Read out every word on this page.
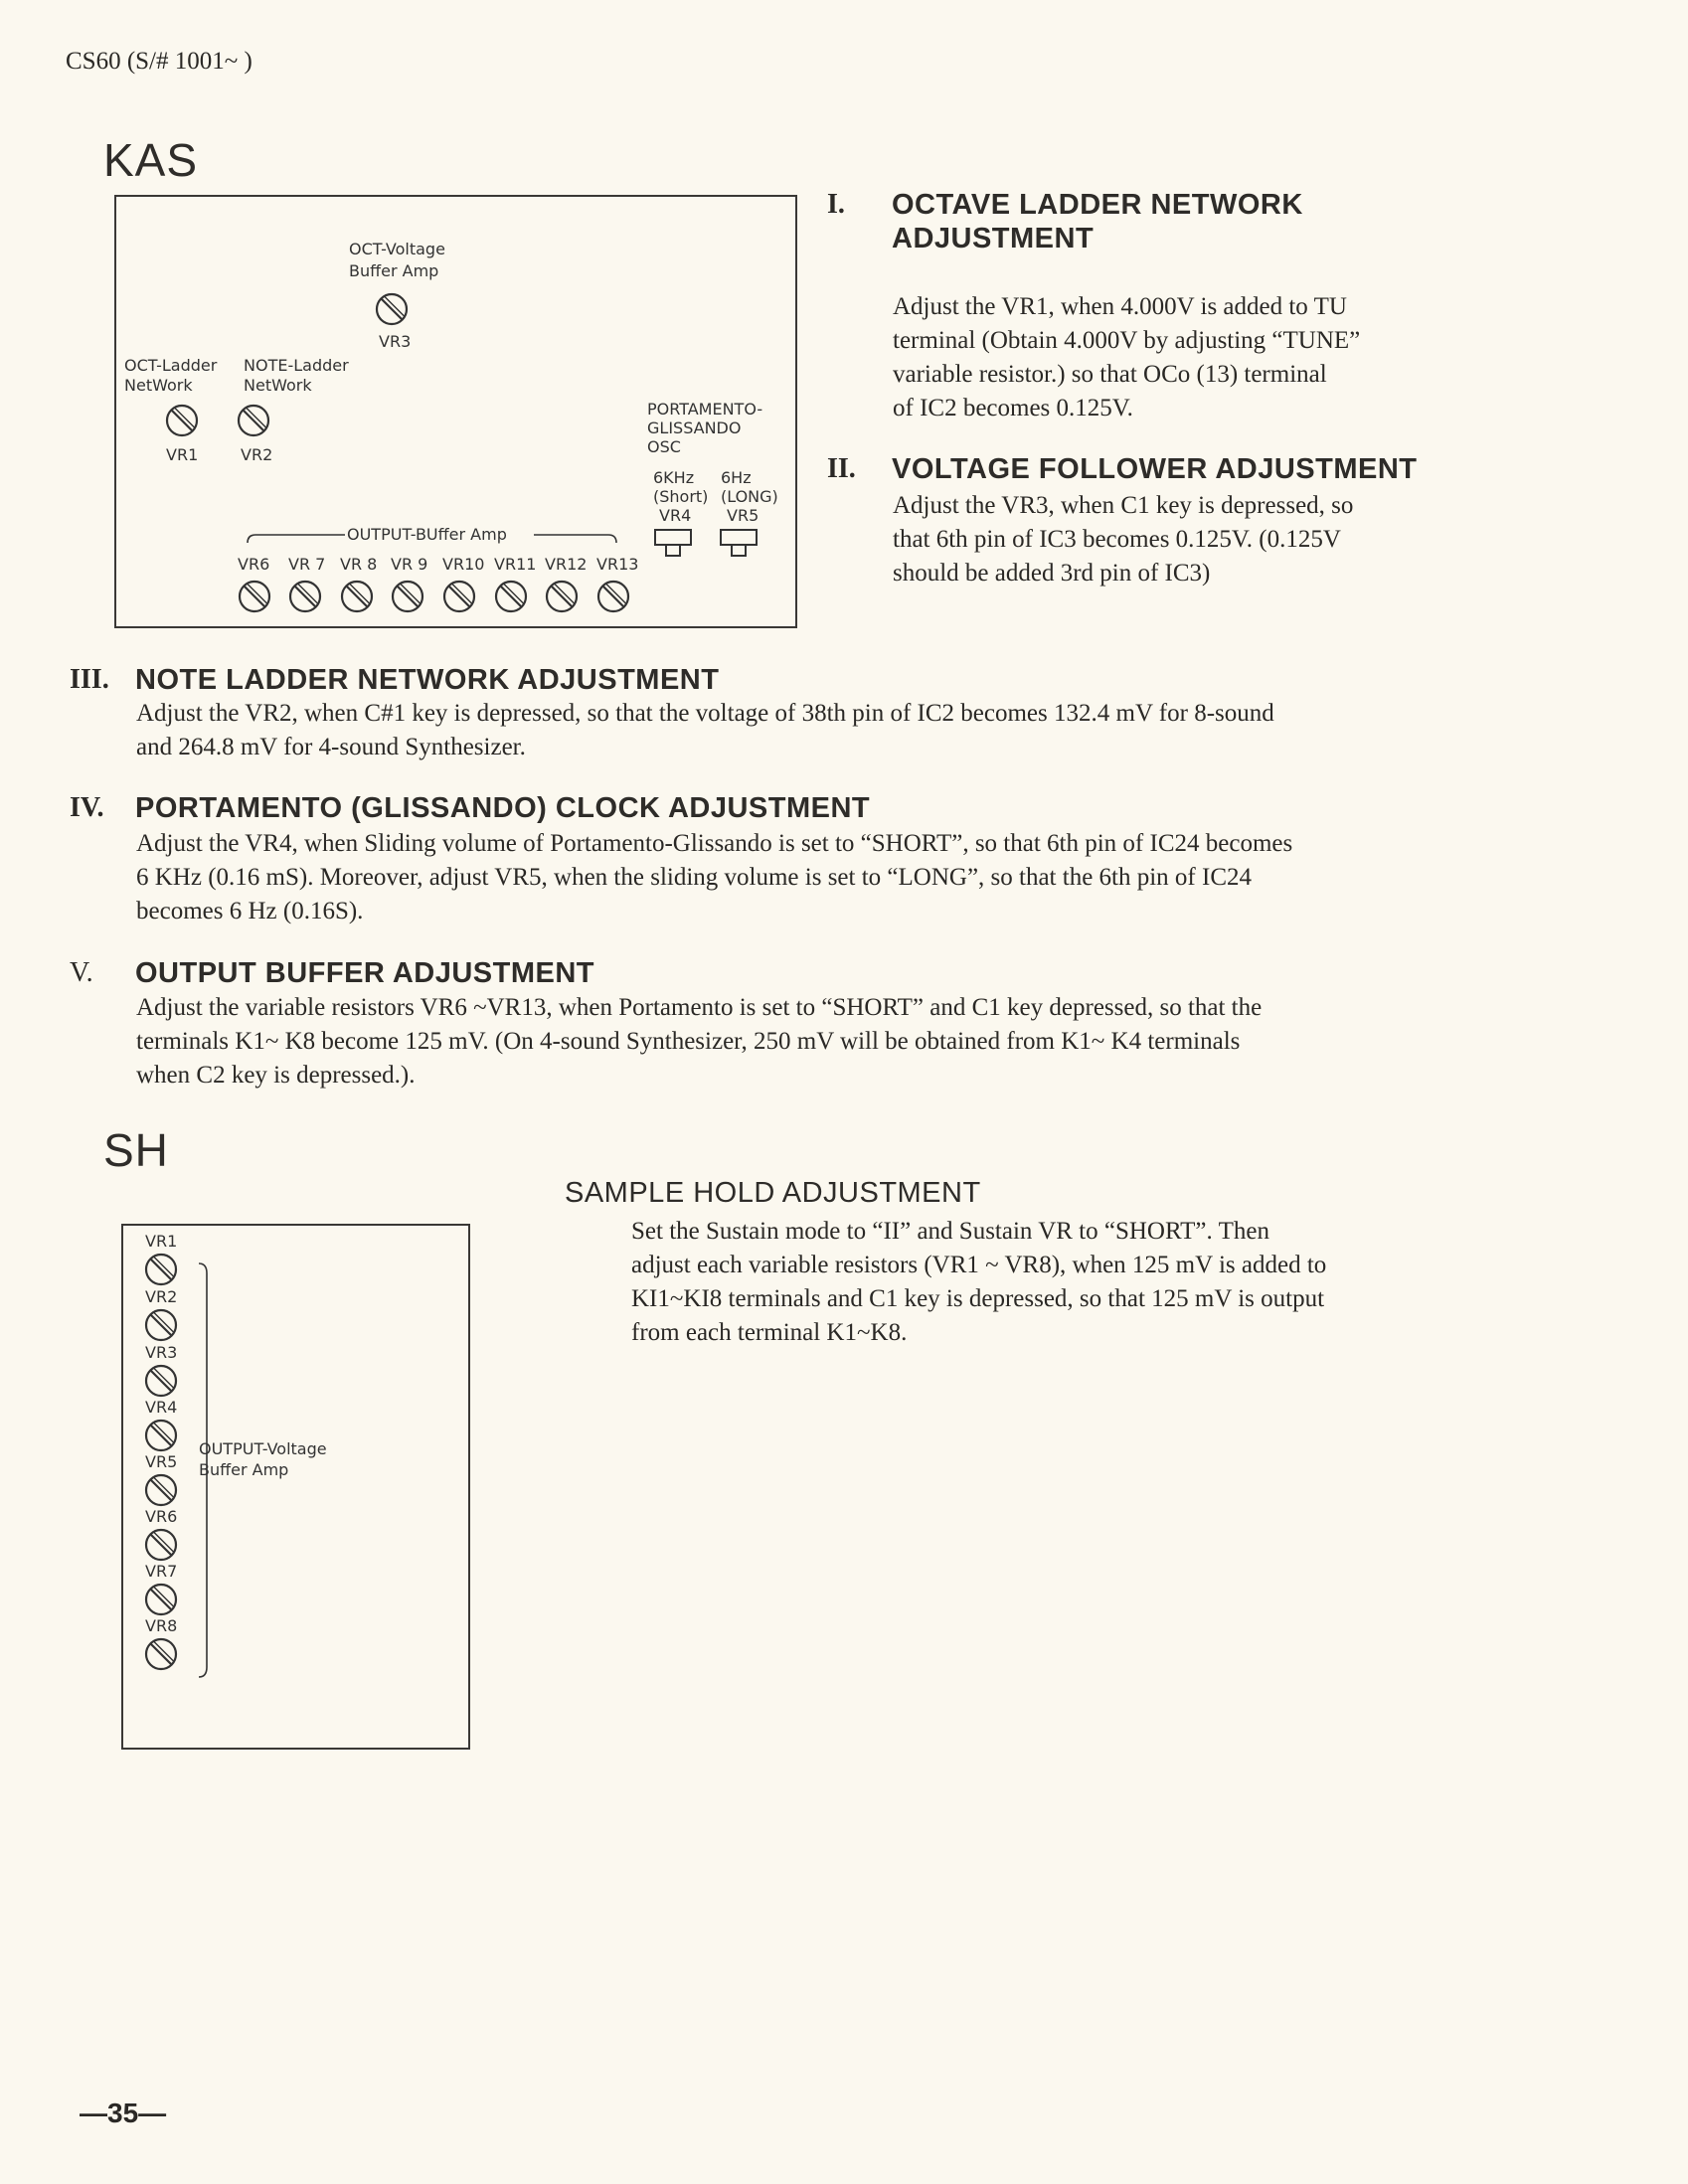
CS60 (S/# 1001~ )
KAS
OCT-Voltage
Buffer Amp
VR3
OCT-Ladder
NetWork
NOTE-Ladder
NetWork
VR1	VR2
PORTAMENTO-
GLISSANDO
OSC
6KHz 6Hz
(Short) (LONG)
VR4 VR5
OUTPUT-BUffer Amp
VR6 VR 7 VR 8 VR 9 VR10 VR11 VR12 VR13
I. OCTAVE LADDER NETWORK
ADJUSTMENT
Adjust the VR1, when 4.000V is added to TU
terminal (Obtain 4.000V by adjusting “TUNE”
variable resistor.) so that OCo (13) terminal
of IC2 becomes 0.125V.
II. VOLTAGE FOLLOWER ADJUSTMENT
Adjust the VR3, when C1 key is depressed, so
that 6th pin of IC3 becomes 0.125V. (0.125V
should be added 3rd pin of IC3)
III. NOTE LADDER NETWORK ADJUSTMENT
Adjust the VR2, when C#1 key is depressed, so that the voltage of 38th pin of IC2 becomes 132.4 mV for 8-sound
and 264.8 mV for 4-sound Synthesizer.
IV. PORTAMENTO (GLISSANDO) CLOCK ADJUSTMENT
Adjust the VR4, when Sliding volume of Portamento-Glissando is set to “SHORT”, so that 6th pin of IC24 becomes
6 KHz (0.16 mS). Moreover, adjust VR5, when the sliding volume is set to “LONG”, so that the 6th pin of IC24
becomes 6 Hz (0.16S).
V. OUTPUT BUFFER ADJUSTMENT
Adjust the variable resistors VR6 ~VR13, when Portamento is set to “SHORT” and C1 key depressed, so that the
terminals K1~ K8 become 125 mV. (On 4-sound Synthesizer, 250 mV will be obtained from K1~ K4 terminals
when C2 key is depressed.).
SH
VR1
VR2
VR3
VR4
VR5
VR6
VR7
VR8
OUTPUT-Voltage
Buffer Amp
SAMPLE HOLD ADJUSTMENT
Set the Sustain mode to “II” and Sustain VR to “SHORT”. Then
adjust each variable resistors (VR1 ~ VR8), when 125 mV is added to
KI1~KI8 terminals and C1 key is depressed, so that 125 mV is output
from each terminal K1~K8.
—35—
